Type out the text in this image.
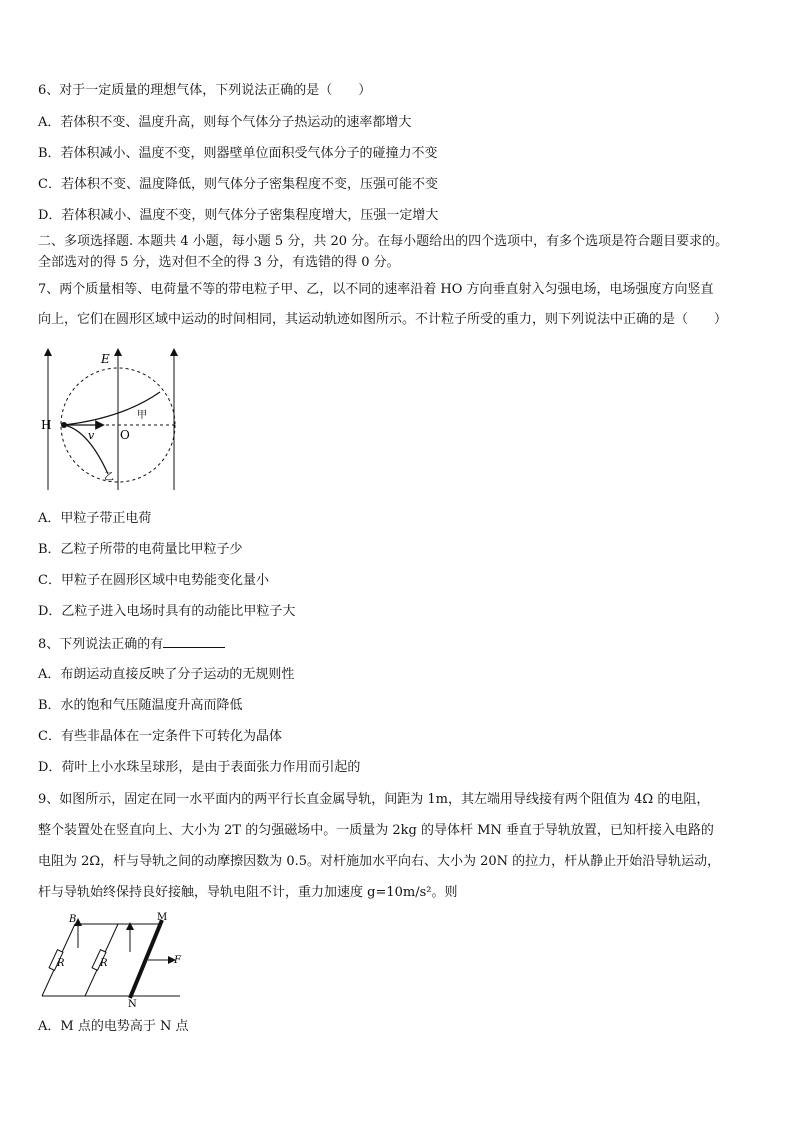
6、对于一定质量的理想气体，下列说法正确的是（　　）
A．若体积不变、温度升高，则每个气体分子热运动的速率都增大
B．若体积减小、温度不变，则器壁单位面积受气体分子的碰撞力不变
C．若体积不变、温度降低，则气体分子密集程度不变，压强可能不变
D．若体积减小、温度不变，则气体分子密集程度增大，压强一定增大
二、多项选择题. 本题共 4 小题，每小题 5 分，共 20 分。在每小题给出的四个选项中，有多个选项是符合题目要求的。
全部选对的得 5 分，选对但不全的得 3 分，有选错的得 0 分。
7、两个质量相等、电荷量不等的带电粒子甲、乙，以不同的速率沿着 HO 方向垂直射入匀强电场，电场强度方向竖直
向上，它们在圆形区域中运动的时间相同，其运动轨迹如图所示。不计粒子所受的重力，则下列说法中正确的是（　　）
E
H
O
v
甲
乙
A．甲粒子带正电荷
B．乙粒子所带的电荷量比甲粒子少
C．甲粒子在圆形区域中电势能变化量小
D．乙粒子进入电场时具有的动能比甲粒子大
8、下列说法正确的有
A．布朗运动直接反映了分子运动的无规则性
B．水的饱和气压随温度升高而降低
C．有些非晶体在一定条件下可转化为晶体
D．荷叶上小水珠呈球形，是由于表面张力作用而引起的
9、如图所示，固定在同一水平面内的两平行长直金属导轨，间距为 1m，其左端用导线接有两个阻值为 4Ω 的电阻，
整个装置处在竖直向上、大小为 2T 的匀强磁场中。一质量为 2kg 的导体杆 MN 垂直于导轨放置，已知杆接入电路的
电阻为 2Ω，杆与导轨之间的动摩擦因数为 0.5。对杆施加水平向右、大小为 20N 的拉力，杆从静止开始沿导轨运动，
杆与导轨始终保持良好接触，导轨电阻不计，重力加速度 g=10m/s²。则
R	R
B	M
N
F
A．M 点的电势高于 N 点
